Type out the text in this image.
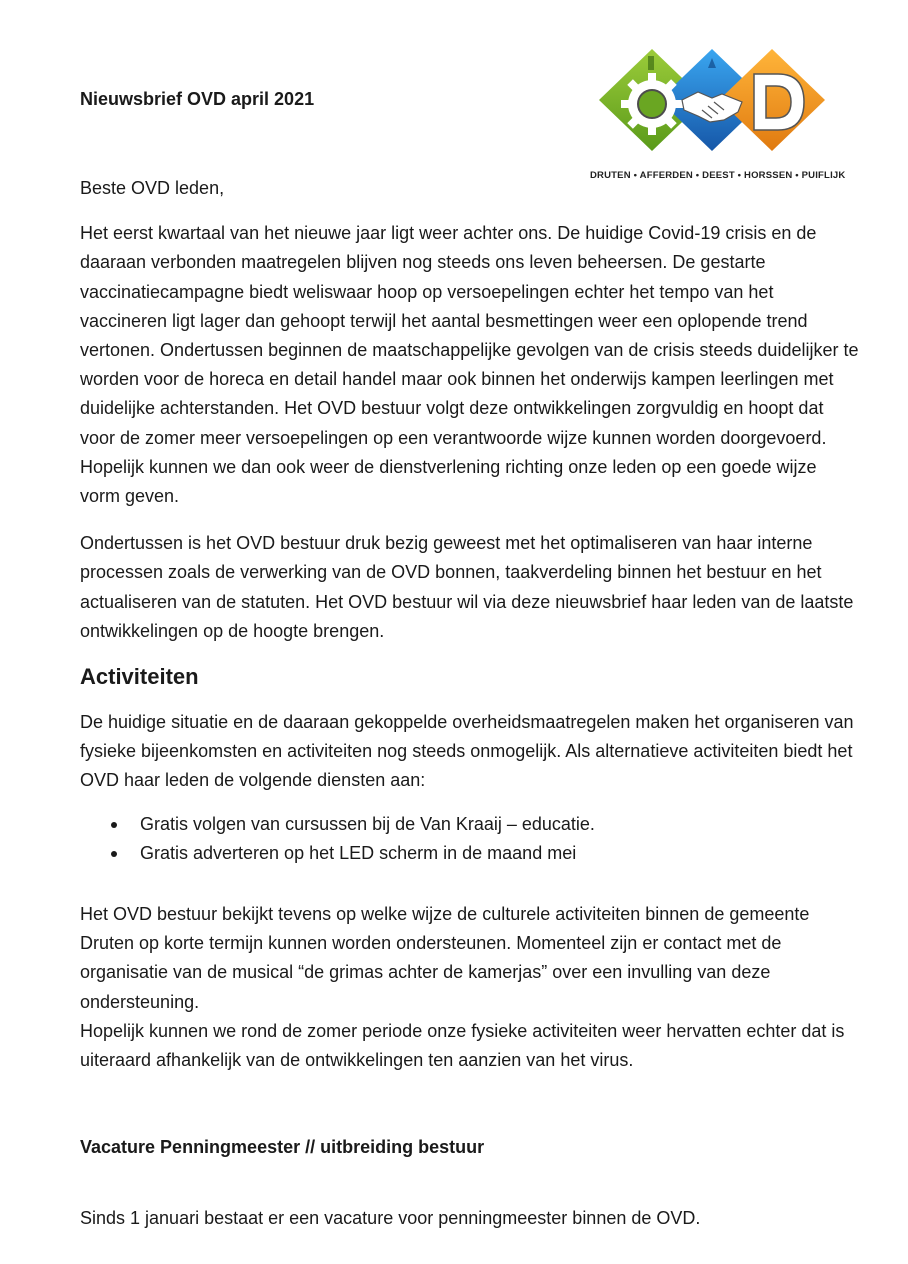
Nieuwsbrief OVD april 2021
DRUTEN • AFFERDEN • DEEST • HORSSEN • PUIFLIJK

Beste OVD leden,

Het eerst kwartaal van het nieuwe jaar ligt weer achter ons. De huidige Covid-19 crisis en de daaraan verbonden maatregelen blijven nog steeds ons leven beheersen. De gestarte vaccinatiecampagne biedt weliswaar hoop op versoepelingen echter het tempo van het vaccineren ligt lager dan gehoopt terwijl het aantal besmettingen weer een oplopende trend vertonen. Ondertussen beginnen de maatschappelijke gevolgen van de crisis steeds duidelijker te worden voor de horeca en detail handel maar ook binnen het onderwijs kampen leerlingen met duidelijke achterstanden. Het OVD bestuur volgt deze ontwikkelingen zorgvuldig en hoopt dat voor de zomer meer versoepelingen op een verantwoorde wijze kunnen worden doorgevoerd. Hopelijk kunnen we dan ook weer de dienstverlening richting onze leden op een goede wijze vorm geven.

Ondertussen is het OVD bestuur druk bezig geweest met het optimaliseren van haar interne processen zoals de verwerking van de OVD bonnen, taakverdeling binnen het bestuur en het actualiseren van de statuten. Het OVD bestuur wil via deze nieuwsbrief haar leden van de laatste ontwikkelingen op de hoogte brengen.

Activiteiten

De huidige situatie en de daaraan gekoppelde overheidsmaatregelen maken het organiseren van fysieke bijeenkomsten en activiteiten nog steeds onmogelijk. Als alternatieve activiteiten biedt het OVD haar leden de volgende diensten aan:

Gratis volgen van cursussen bij de Van Kraaij – educatie.
Gratis adverteren op het LED scherm in de maand mei

Het OVD bestuur bekijkt tevens op welke wijze de culturele activiteiten binnen de gemeente Druten op korte termijn kunnen worden ondersteunen. Momenteel zijn er contact met de organisatie van de musical “de grimas achter de kamerjas” over een invulling van deze ondersteuning.

Hopelijk kunnen we rond de zomer periode onze fysieke activiteiten weer hervatten echter dat is uiteraard afhankelijk van de ontwikkelingen ten aanzien van het virus.

Vacature Penningmeester // uitbreiding bestuur

Sinds 1 januari bestaat er een vacature voor penningmeester binnen de OVD.
